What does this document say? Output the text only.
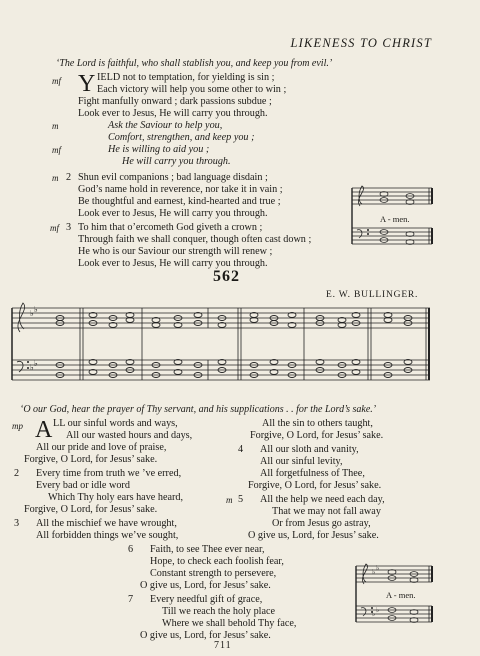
LIKENESS TO CHRIST
‘The Lord is faithful, who shall stablish you, and keep you from evil.’
mf Y IELD not to temptation, for yielding is sin ;
Each victory will help you some other to win ;
Fight manfully onward ; dark passions subdue ;
Look ever to Jesus, He will carry you through.
m	Ask the Saviour to help you,
Comfort, strengthen, and keep you ;
mf	He is willing to aid you ;
He will carry you through.
m 2 Shun evil companions ; bad language disdain ;
God’s name hold in reverence, nor take it in vain ;
Be thoughtful and earnest, kind-hearted and true ;
Look ever to Jesus, He will carry you through.
mf 3 To him that o’ercometh God giveth a crown ;
Through faith we shall conquer, though often cast down ;
He who is our Saviour our strength will renew ;
Look ever to Jesus, He will carry you through.
A - men.
562
E. W. BULLINGER.
♭ ♭
♭ ♭
‘O our God, hear the prayer of Thy servant, and his supplications . . for the Lord’s sake.’
mp A LL our sinful words and ways,
All our wasted hours and days,
All our pride and love of praise,
Forgive, O Lord, for Jesus’ sake.
2 Every time from truth we ’ve erred,
Every bad or idle word
Which Thy holy ears have heard,
Forgive, O Lord, for Jesus’ sake.
3 All the mischief we have wrought,
All forbidden things we’ve sought,
All the sin to others taught,
Forgive, O Lord, for Jesus’ sake.
4 All our sloth and vanity,
All our sinful levity,
All forgetfulness of Thee,
Forgive, O Lord, for Jesus’ sake.
m 5 All the help we need each day,
That we may not fall away
Or from Jesus go astray,
O give us, Lord, for Jesus’ sake.
6 Faith, to see Thee ever near,
Hope, to check each foolish fear,
Constant strength to persevere,
O give us, Lord, for Jesus’ sake.
7 Every needful gift of grace,
Till we reach the holy place
Where we shall behold Thy face,
O give us, Lord, for Jesus’ sake.
♭ ♭
♭ ♭
A - men.
711
